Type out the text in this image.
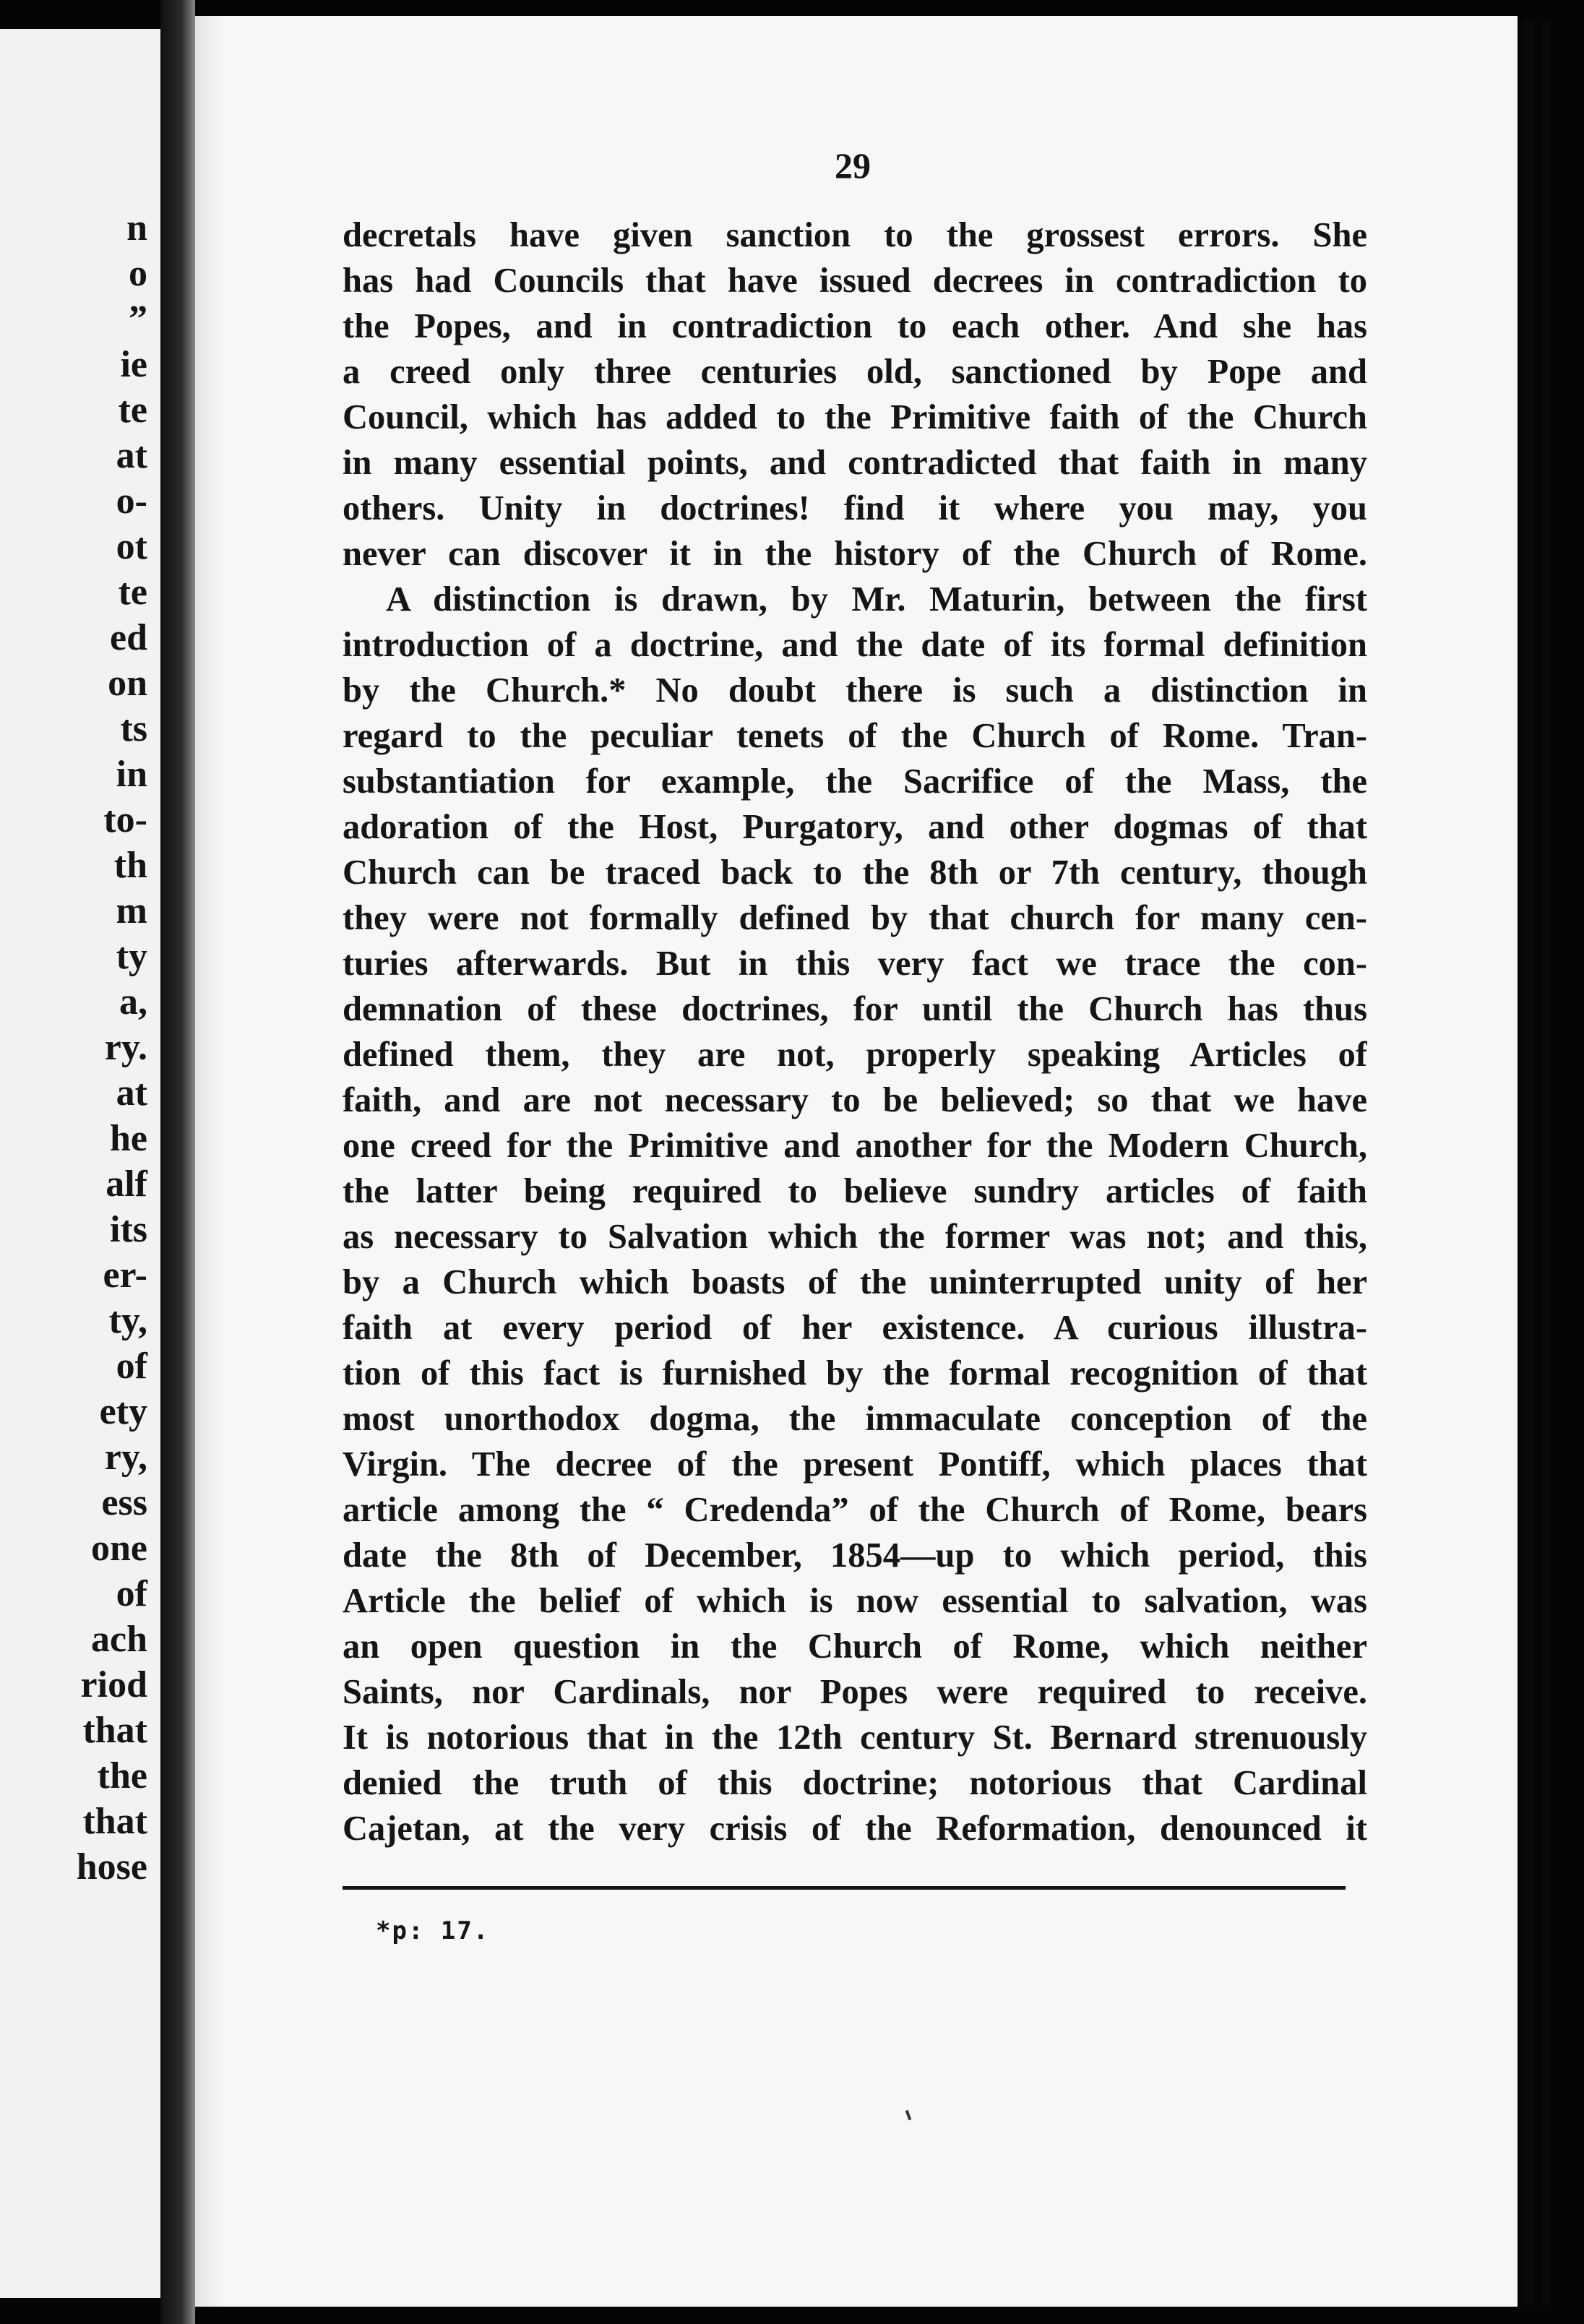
n
o
”
ie
te
at
o-
ot
te
ed
on
ts
in
to-
th
m
ty
a,
ry.
at
he
alf
its
er-
ty,
of
ety
ry,
ess
one
of
ach
riod
that
the
that
hose
29
decretals have given sanction to the grossest errors. She
has had Councils that have issued decrees in contradiction to
the Popes, and in contradiction to each other. And she has
a creed only three centuries old, sanctioned by Pope and
Council, which has added to the Primitive faith of the Church
in many essential points, and contradicted that faith in many
others. Unity in doctrines! find it where you may, you
never can discover it in the history of the Church of Rome.
A distinction is drawn, by Mr. Maturin, between the first
introduction of a doctrine, and the date of its formal definition
by the Church.* No doubt there is such a distinction in
regard to the peculiar tenets of the Church of Rome. Tran-
substantiation for example, the Sacrifice of the Mass, the
adoration of the Host, Purgatory, and other dogmas of that
Church can be traced back to the 8th or 7th century, though
they were not formally defined by that church for many cen-
turies afterwards. But in this very fact we trace the con-
demnation of these doctrines, for until the Church has thus
defined them, they are not, properly speaking Articles of
faith, and are not necessary to be believed; so that we have
one creed for the Primitive and another for the Modern Church,
the latter being required to believe sundry articles of faith
as necessary to Salvation which the former was not; and this,
by a Church which boasts of the uninterrupted unity of her
faith at every period of her existence. A curious illustra-
tion of this fact is furnished by the formal recognition of that
most unorthodox dogma, the immaculate conception of the
Virgin. The decree of the present Pontiff, which places that
article among the “ Credenda” of the Church of Rome, bears
date the 8th of December, 1854—up to which period, this
Article the belief of which is now essential to salvation, was
an open question in the Church of Rome, which neither
Saints, nor Cardinals, nor Popes were required to receive.
It is notorious that in the 12th century St. Bernard strenuously
denied the truth of this doctrine; notorious that Cardinal
Cajetan, at the very crisis of the Reformation, denounced it
*p: 17.
